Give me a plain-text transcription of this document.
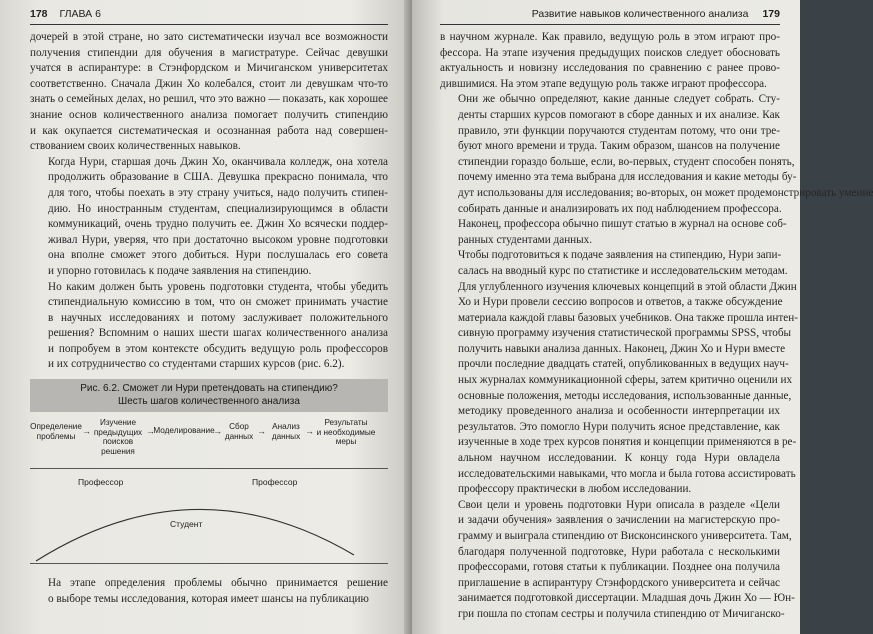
178 ГЛАВА 6

дочерей в этой стране, но зато систематически изучал все возможности
получения стипендии для обучения в магистратуре. Сейчас девушки
учатся в аспирантуре: в Стэнфордском и Мичиганском университетах
соответственно. Сначала Джин Хо колебался, стоит ли девушкам что-то
знать о семейных делах, но решил, что это важно — показать, как хорошее
знание основ количественного анализа помогает получить стипендию
и как окупается систематическая и осознанная работа над совершен-
ствованием своих количественных навыков.

Когда Нури, старшая дочь Джин Хо, оканчивала колледж, она хотела
продолжить образование в США. Девушка прекрасно понимала, что
для того, чтобы поехать в эту страну учиться, надо получить стипен-
дию. Но иностранным студентам, специализирующимся в области
коммуникаций, очень трудно получить ее. Джин Хо всячески поддер-
живал Нури, уверяя, что при достаточно высоком уровне подготовки
она вполне сможет этого добиться. Нури послушалась его совета
и упорно готовилась к подаче заявления на стипендию.

Но каким должен быть уровень подготовки студента, чтобы убедить
стипендиальную комиссию в том, что он сможет принимать участие
в научных исследованиях и потому заслуживает положительного
решения? Вспомним о наших шести шагах количественного анализа
и попробуем в этом контексте обсудить ведущую роль профессоров
и их сотрудничество со студентами старших курсов (рис. 6.2).

Рис. 6.2. Сможет ли Нури претендовать на стипендию?
Шесть шагов количественного анализа
Определение
проблемы
Изучение
предыдущих
поисков
решения
Моделирование	Сбор
данных
Анализ
данных
Результаты
и необходимые
меры
→	→	→	→	→
Профессор	Профессор
Студент

На этапе определения проблемы обычно принимается решение
о выборе темы исследования, которая имеет шансы на публикацию

Развитие навыков количественного анализа 179

в научном журнале. Как правило, ведущую роль в этом играют про-
фессора. На этапе изучения предыдущих поисков следует обосновать
актуальность и новизну исследования по сравнению с ранее прово-
дившимися. На этом этапе ведущую роль также играют профессора.

Они же обычно определяют, какие данные следует собрать. Сту-
денты старших курсов помогают в сборе данных и их анализе. Как
правило, эти функции поручаются студентам потому, что они тре-
буют много времени и труда. Таким образом, шансов на получение
стипендии гораздо больше, если, во-первых, студент способен понять,
почему именно эта тема выбрана для исследования и какие методы бу-
дут использованы для исследования; во-вторых, он может продемонстрировать умение
собирать данные и анализировать их под наблюдением профессора.
Наконец, профессора обычно пишут статью в журнал на основе соб-
ранных студентами данных.

Чтобы подготовиться к подаче заявления на стипендию, Нури запи-
салась на вводный курс по статистике и исследовательским методам.
Для углубленного изучения ключевых концепций в этой области Джин
Хо и Нури провели сессию вопросов и ответов, а также обсуждение
материала каждой главы базовых учебников. Она также прошла интен-
сивную программу изучения статистической программы SPSS, чтобы
получить навыки анализа данных. Наконец, Джин Хо и Нури вместе
прочли последние двадцать статей, опубликованных в ведущих науч-
ных журналах коммуникационной сферы, затем критично оценили их
основные положения, методы исследования, использованные данные,
методику проведенного анализа и особенности интерпретации их
результатов. Это помогло Нури получить ясное представление, как
изученные в ходе трех курсов понятия и концепции применяются в ре-
альном научном исследовании. К концу года Нури овладела
исследовательскими навыками, что могла и была готова ассистировать
профессору практически в любом исследовании.

Свои цели и уровень подготовки Нури описала в разделе «Цели
и задачи обучения» заявления о зачислении на магистерскую про-
грамму и выиграла стипендию от Висконсинского университета. Там,
благодаря полученной подготовке, Нури работала с несколькими
профессорами, готовя статьи к публикации. Позднее она получила
приглашение в аспирантуру Стэнфордского университета и сейчас
занимается подготовкой диссертации. Младшая дочь Джин Хо — Юн-
гри пошла по стопам сестры и получила стипендию от Мичиганско-
